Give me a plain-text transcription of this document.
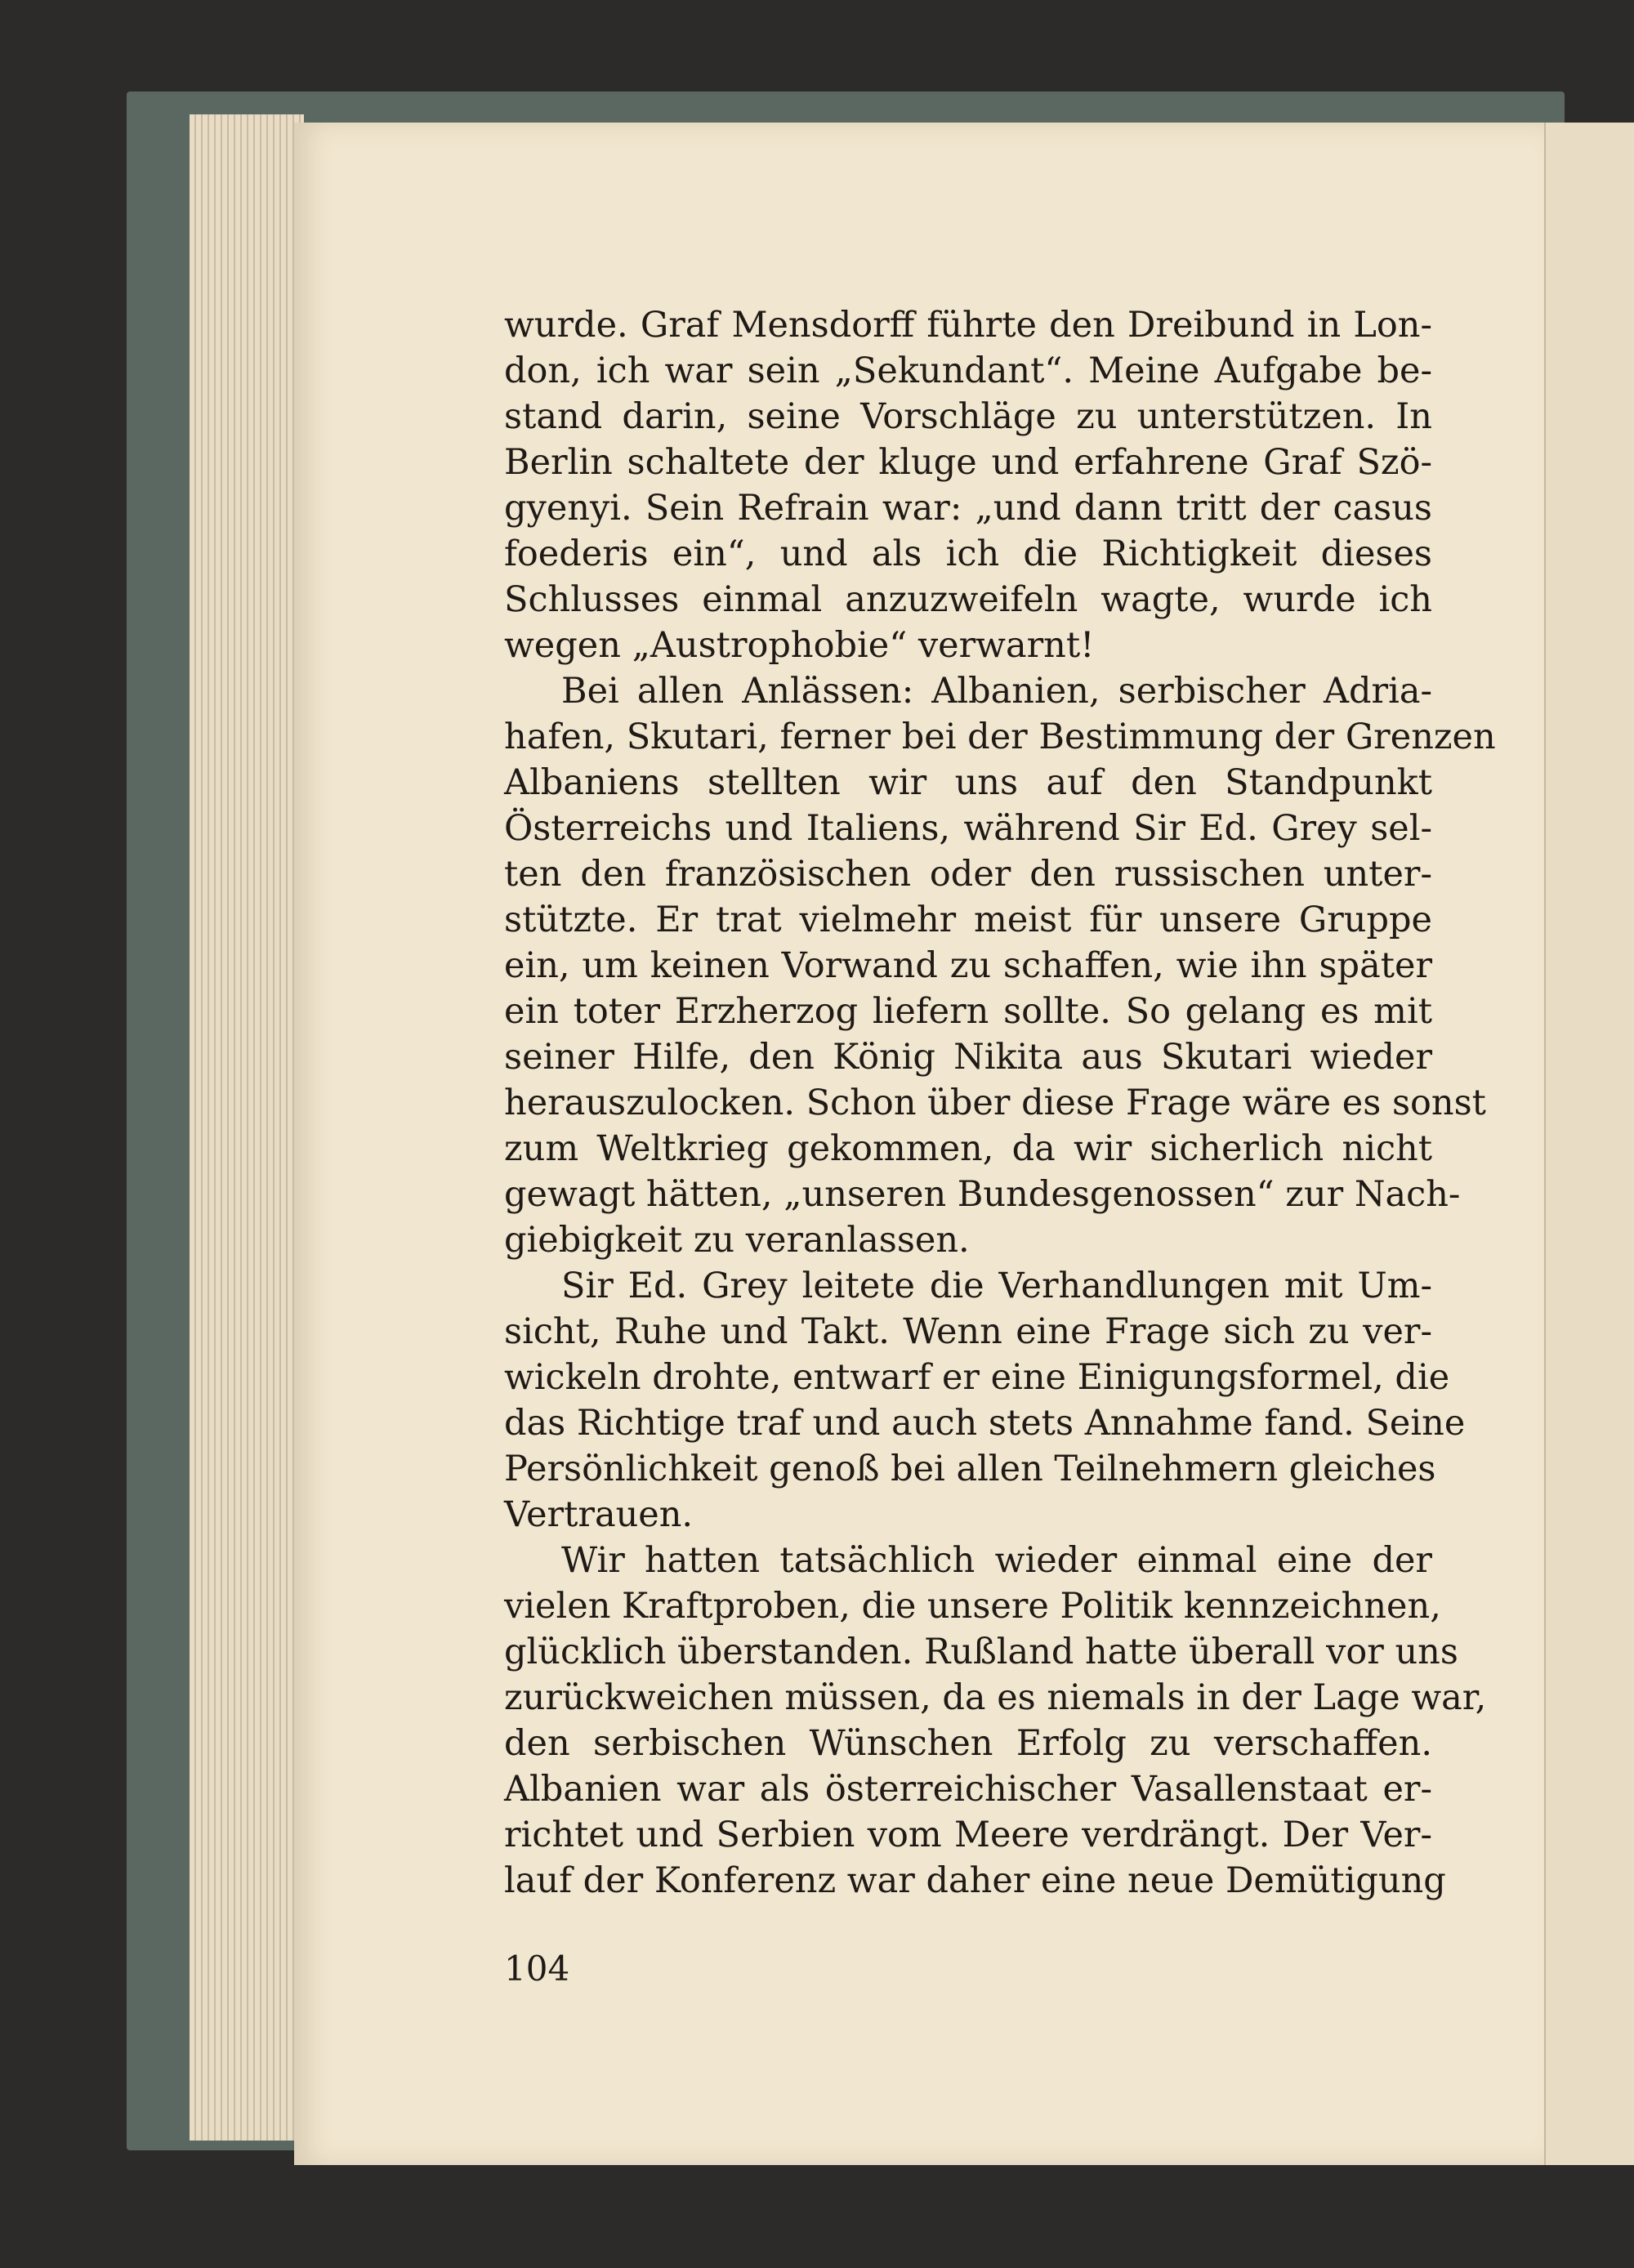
wurde. Graf Mensdorff führte den Dreibund in Lon-
don, ich war sein „Sekundant“. Meine Aufgabe be-
stand darin, seine Vorschläge zu unterstützen. In
Berlin schaltete der kluge und erfahrene Graf Szö-
gyenyi. Sein Refrain war: „und dann tritt der casus
foederis ein“, und als ich die Richtigkeit dieses
Schlusses einmal anzuzweifeln wagte, wurde ich
wegen „Austrophobie“ verwarnt!
Bei allen Anlässen: Albanien, serbischer Adria-
hafen, Skutari, ferner bei der Bestimmung der Grenzen
Albaniens stellten wir uns auf den Standpunkt
Österreichs und Italiens, während Sir Ed. Grey sel-
ten den französischen oder den russischen unter-
stützte. Er trat vielmehr meist für unsere Gruppe
ein, um keinen Vorwand zu schaffen, wie ihn später
ein toter Erzherzog liefern sollte. So gelang es mit
seiner Hilfe, den König Nikita aus Skutari wieder
herauszulocken. Schon über diese Frage wäre es sonst
zum Weltkrieg gekommen, da wir sicherlich nicht
gewagt hätten, „unseren Bundesgenossen“ zur Nach-
giebigkeit zu veranlassen.
Sir Ed. Grey leitete die Verhandlungen mit Um-
sicht, Ruhe und Takt. Wenn eine Frage sich zu ver-
wickeln drohte, entwarf er eine Einigungsformel, die
das Richtige traf und auch stets Annahme fand. Seine
Persönlichkeit genoß bei allen Teilnehmern gleiches
Vertrauen.
Wir hatten tatsächlich wieder einmal eine der
vielen Kraftproben, die unsere Politik kennzeichnen,
glücklich überstanden. Rußland hatte überall vor uns
zurückweichen müssen, da es niemals in der Lage war,
den serbischen Wünschen Erfolg zu verschaffen.
Albanien war als österreichischer Vasallenstaat er-
richtet und Serbien vom Meere verdrängt. Der Ver-
lauf der Konferenz war daher eine neue Demütigung
104
